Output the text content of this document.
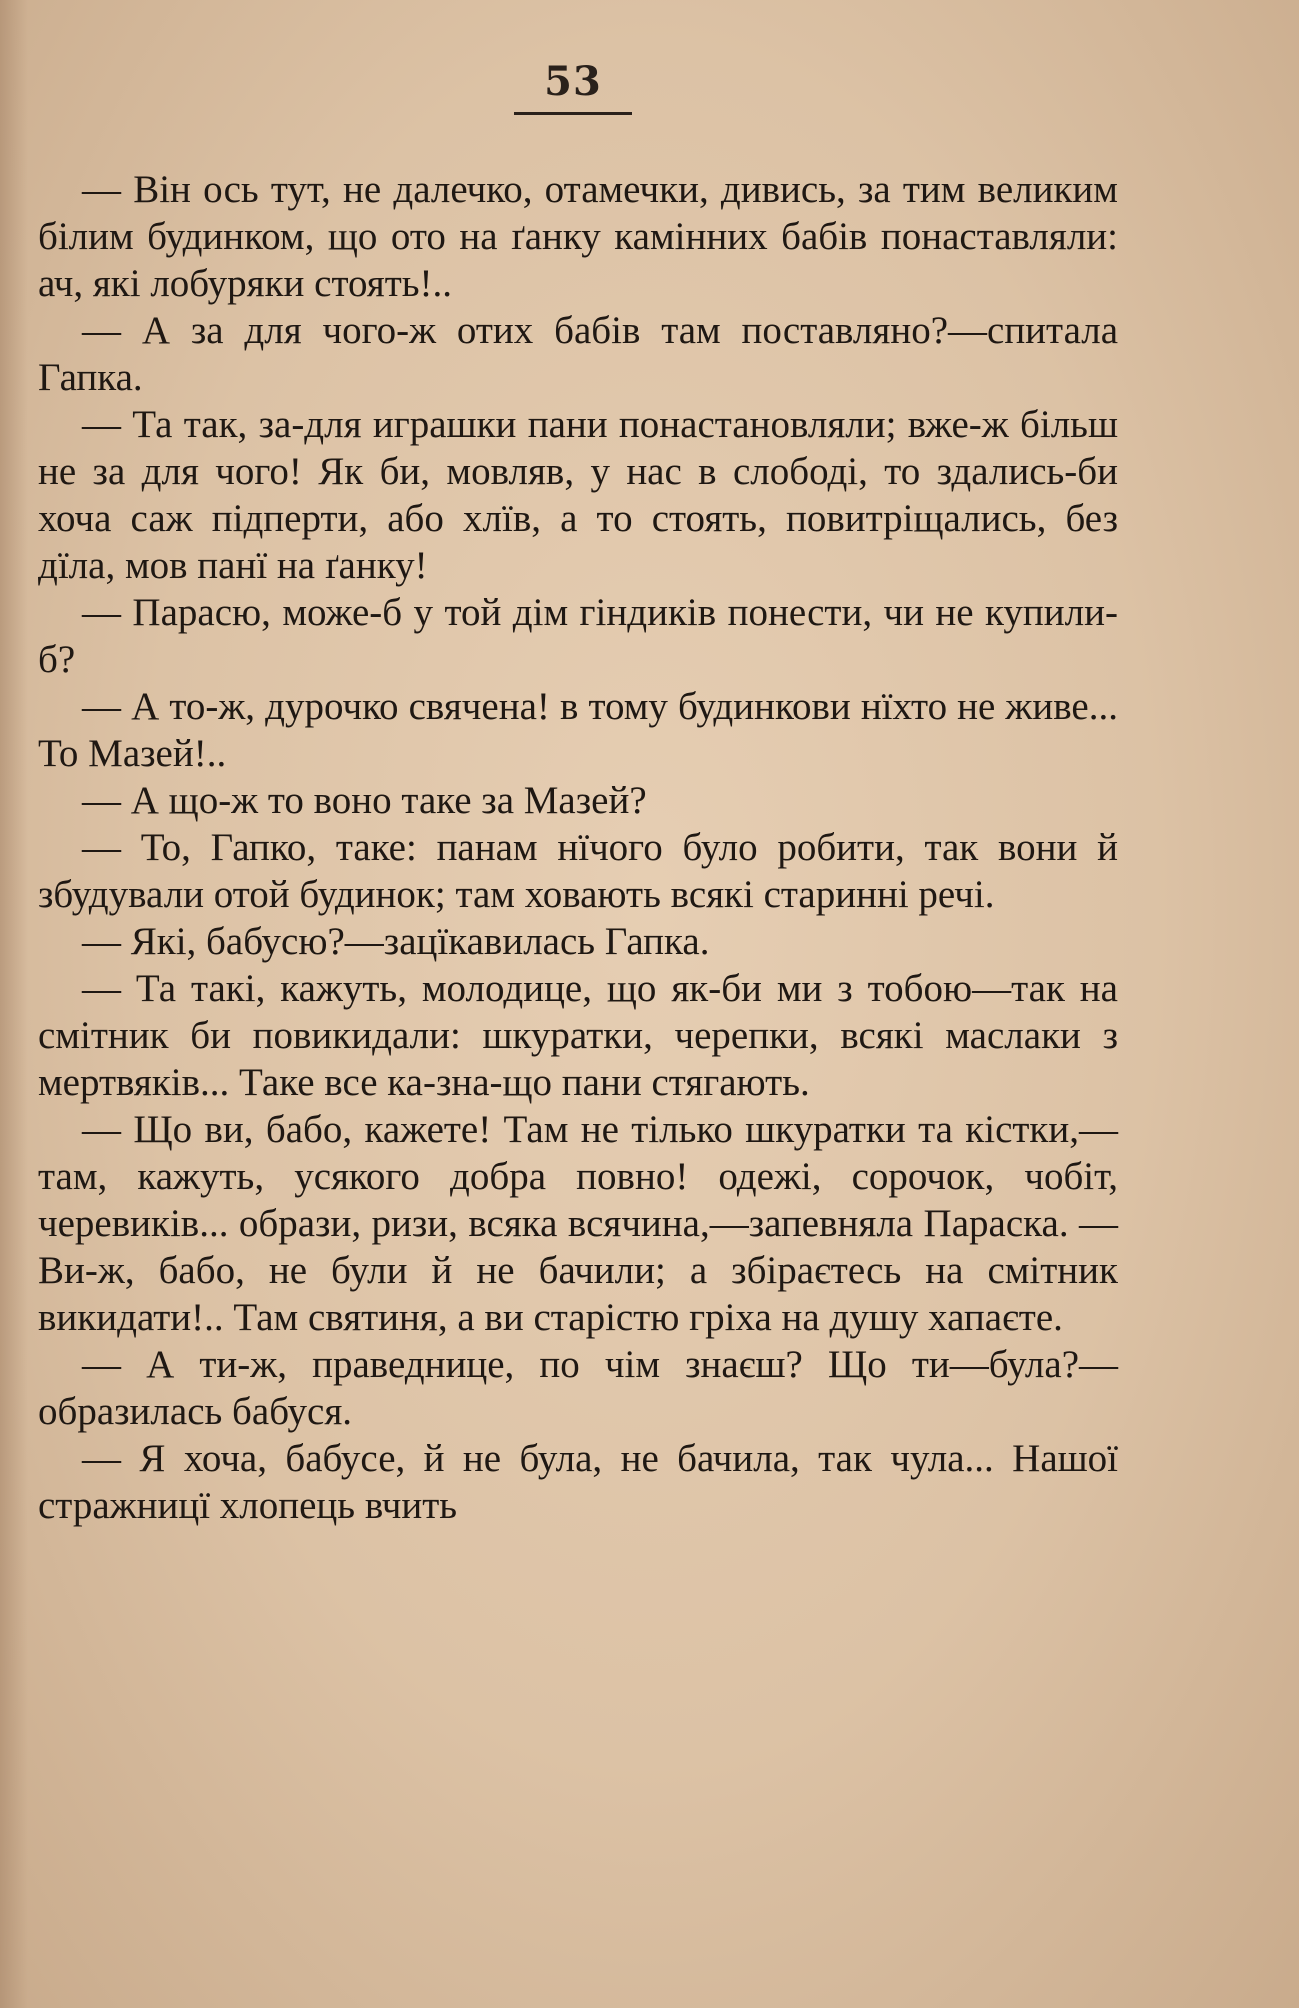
53

— Він ось тут, не далечко, отамечки, дивись, за тим великим білим будинком, що ото на ґанку камінних бабів понаставляли: ач, які лобуряки стоять!..

— А за для чого-ж отих бабів там поставляно?—спитала Гапка.

— Та так, за-для играшки пани понастановляли; вже-ж більш не за для чого! Як би, мовляв, у нас в слободі, то здались-би хоча саж підперти, або хлїв, а то стоять, повитріщались, без дїла, мов панї на ґанку!

— Парасю, може-б у той дім гіндиків понести, чи не купили-б?

— А то-ж, дурочко свячена! в тому будинкови нїхто не живе... То Мазей!..

— А що-ж то воно таке за Мазей?

— То, Гапко, таке: панам нїчого було робити, так вони й збудували отой будинок; там ховають всякі старинні речі.

— Які, бабусю?—зацїкавилась Гапка.

— Та такі, кажуть, молодице, що як-би ми з тобою—так на смітник би повикидали: шкуратки, черепки, всякі маслаки з мертвяків... Таке все ка-зна-що пани стягають.

— Що ви, бабо, кажете! Там не тілько шкуратки та кістки,—там, кажуть, усякого добра повно! одежі, сорочок, чобіт, черевиків... образи, ризи, всяка всячина,—запевняла Параска. —Ви-ж, бабо, не були й не бачили; а збіраєтесь на смітник викидати!.. Там святиня, а ви старістю гріха на душу хапаєте.

— А ти-ж, праведнице, по чім знаєш? Що ти—була?—образилась бабуся.

— Я хоча, бабусе, й не була, не бачила, так чула... Нашої стражницї хлопець вчить
